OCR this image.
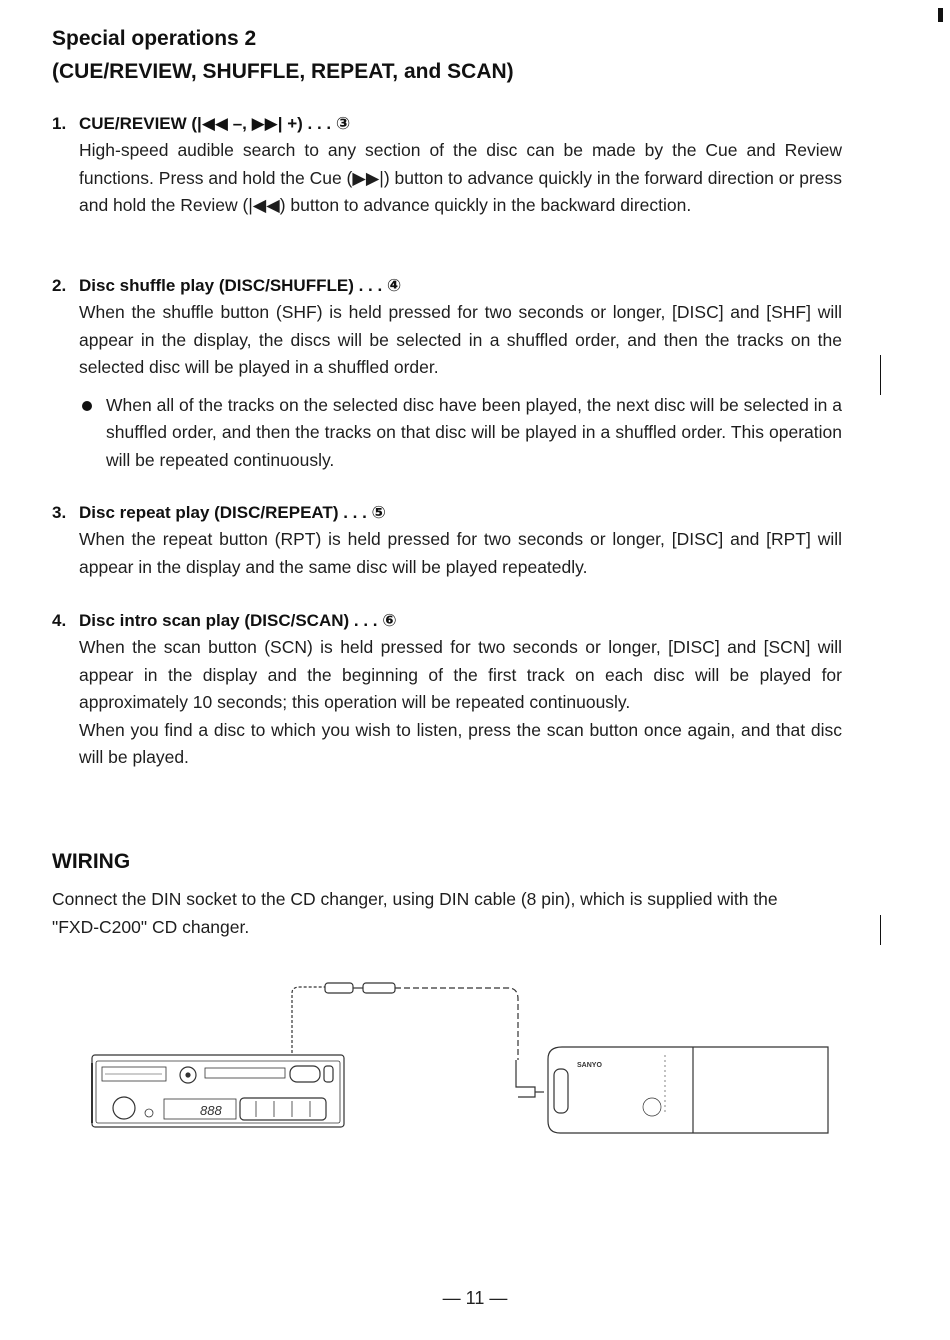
Special operations 2
(CUE/REVIEW, SHUFFLE, REPEAT, and SCAN)
1. CUE/REVIEW (|◀◀ –, ▶▶| +) . . . ③
High-speed audible search to any section of the disc can be made by the Cue and Review functions. Press and hold the Cue (▶▶|) button to advance quickly in the forward direction or press and hold the Review (|◀◀) button to advance quickly in the backward direction.
2. Disc shuffle play (DISC/SHUFFLE) . . . ④
When the shuffle button (SHF) is held pressed for two seconds or longer, [DISC] and [SHF] will appear in the display, the discs will be selected in a shuffled order, and then the tracks on the selected disc will be played in a shuffled order.
When all of the tracks on the selected disc have been played, the next disc will be selected in a shuffled order, and then the tracks on that disc will be played in a shuffled order. This operation will be repeated continuously.
3. Disc repeat play (DISC/REPEAT) . . . ⑤
When the repeat button (RPT) is held pressed for two seconds or longer, [DISC] and [RPT] will appear in the display and the same disc will be played repeatedly.
4. Disc intro scan play (DISC/SCAN) . . . ⑥
When the scan button (SCN) is held pressed for two seconds or longer, [DISC] and [SCN] will appear in the display and the beginning of the first track on each disc will be played for approximately 10 seconds; this operation will be repeated continuously.
When you find a disc to which you wish to listen, press the scan button once again, and that disc will be played.
WIRING
Connect the DIN socket to the CD changer, using DIN cable (8 pin), which is supplied with the "FXD-C200" CD changer.
888
SANYO
— 11 —
